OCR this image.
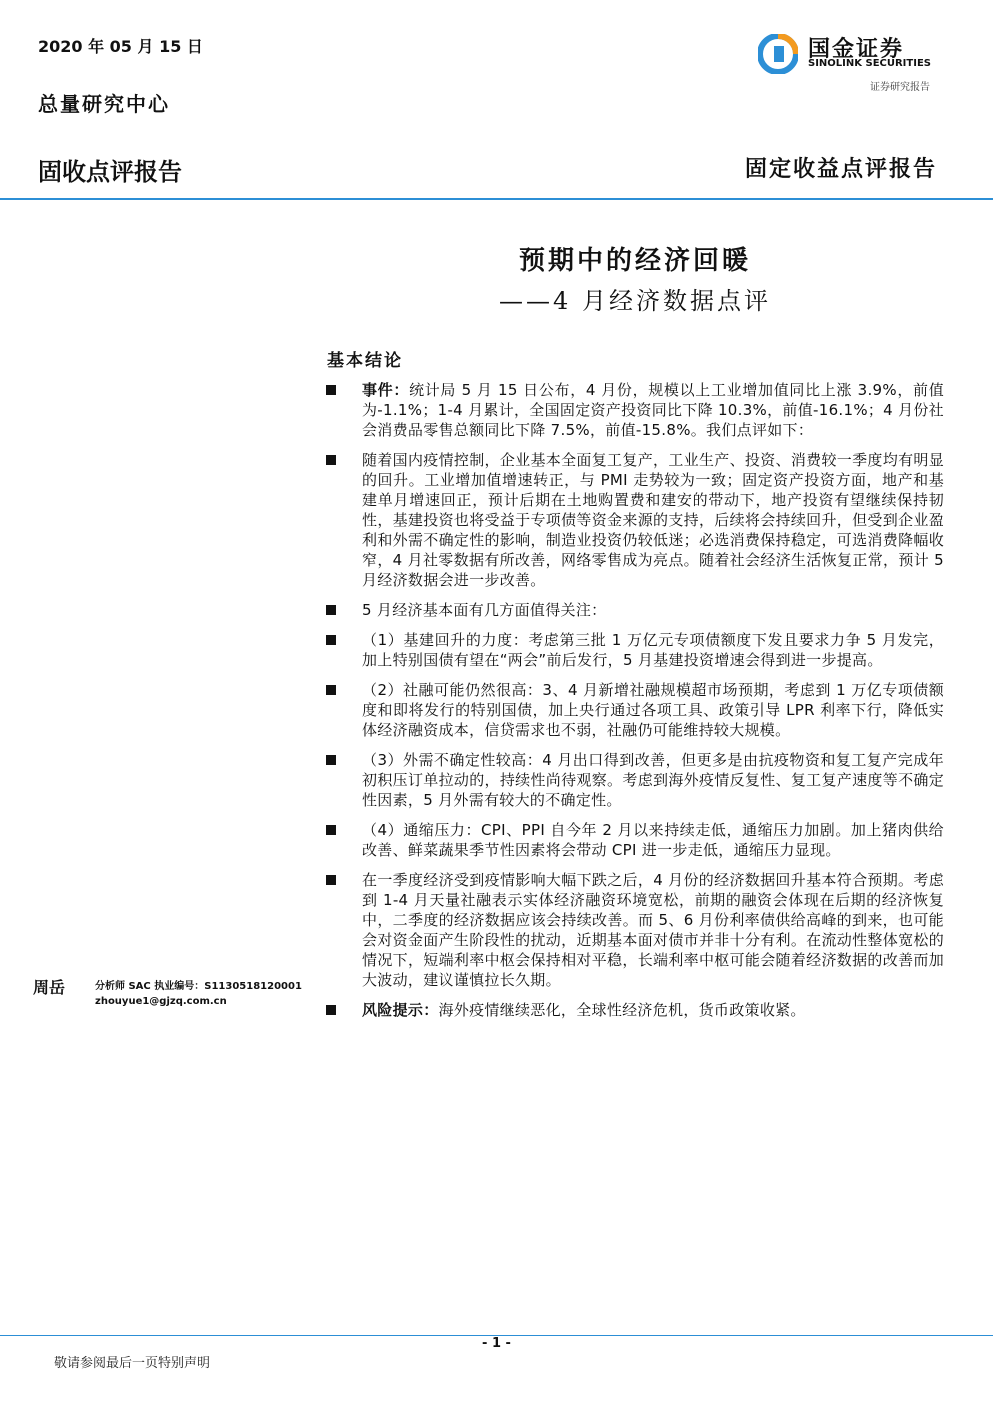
2020 年 05 月 15 日
总量研究中心
固收点评报告	固定收益点评报告
国金证券
SINOLINK SECURITIES
证券研究报告
预期中的经济回暖
——4 月经济数据点评
基本结论
事件：统计局 5 月 15 日公布，4 月份，规模以上工业增加值同比上涨 3.9%，前值为-1.1%；1-4 月累计，全国固定资产投资同比下降 10.3%，前值-16.1%；4 月份社会消费品零售总额同比下降 7.5%，前值-15.8%。我们点评如下：
随着国内疫情控制，企业基本全面复工复产，工业生产、投资、消费较一季度均有明显的回升。工业增加值增速转正，与 PMI 走势较为一致；固定资产投资方面，地产和基建单月增速回正，预计后期在土地购置费和建安的带动下，地产投资有望继续保持韧性，基建投资也将受益于专项债等资金来源的支持，后续将会持续回升，但受到企业盈利和外需不确定性的影响，制造业投资仍较低迷；必选消费保持稳定，可选消费降幅收窄，4 月社零数据有所改善，网络零售成为亮点。随着社会经济生活恢复正常，预计 5 月经济数据会进一步改善。
5 月经济基本面有几方面值得关注：
（1）基建回升的力度：考虑第三批 1 万亿元专项债额度下发且要求力争 5 月发完，加上特别国债有望在“两会”前后发行，5 月基建投资增速会得到进一步提高。
（2）社融可能仍然很高：3、4 月新增社融规模超市场预期，考虑到 1 万亿专项债额度和即将发行的特别国债，加上央行通过各项工具、政策引导 LPR 利率下行，降低实体经济融资成本，信贷需求也不弱，社融仍可能维持较大规模。
（3）外需不确定性较高：4 月出口得到改善，但更多是由抗疫物资和复工复产完成年初积压订单拉动的，持续性尚待观察。考虑到海外疫情反复性、复工复产速度等不确定性因素，5 月外需有较大的不确定性。
（4）通缩压力：CPI、PPI 自今年 2 月以来持续走低，通缩压力加剧。加上猪肉供给改善、鲜菜蔬果季节性因素将会带动 CPI 进一步走低，通缩压力显现。
在一季度经济受到疫情影响大幅下跌之后，4 月份的经济数据回升基本符合预期。考虑到 1-4 月天量社融表示实体经济融资环境宽松，前期的融资会体现在后期的经济恢复中，二季度的经济数据应该会持续改善。而 5、6 月份利率债供给高峰的到来，也可能会对资金面产生阶段性的扰动，近期基本面对债市并非十分有利。在流动性整体宽松的情况下，短端利率中枢会保持相对平稳，长端利率中枢可能会随着经济数据的改善而加大波动，建议谨慎拉长久期。
风险提示：海外疫情继续恶化，全球性经济危机，货币政策收紧。
周岳	分析师 SAC 执业编号：S1130518120001
zhouyue1@gjzq.com.cn
- 1 -
敬请参阅最后一页特别声明
